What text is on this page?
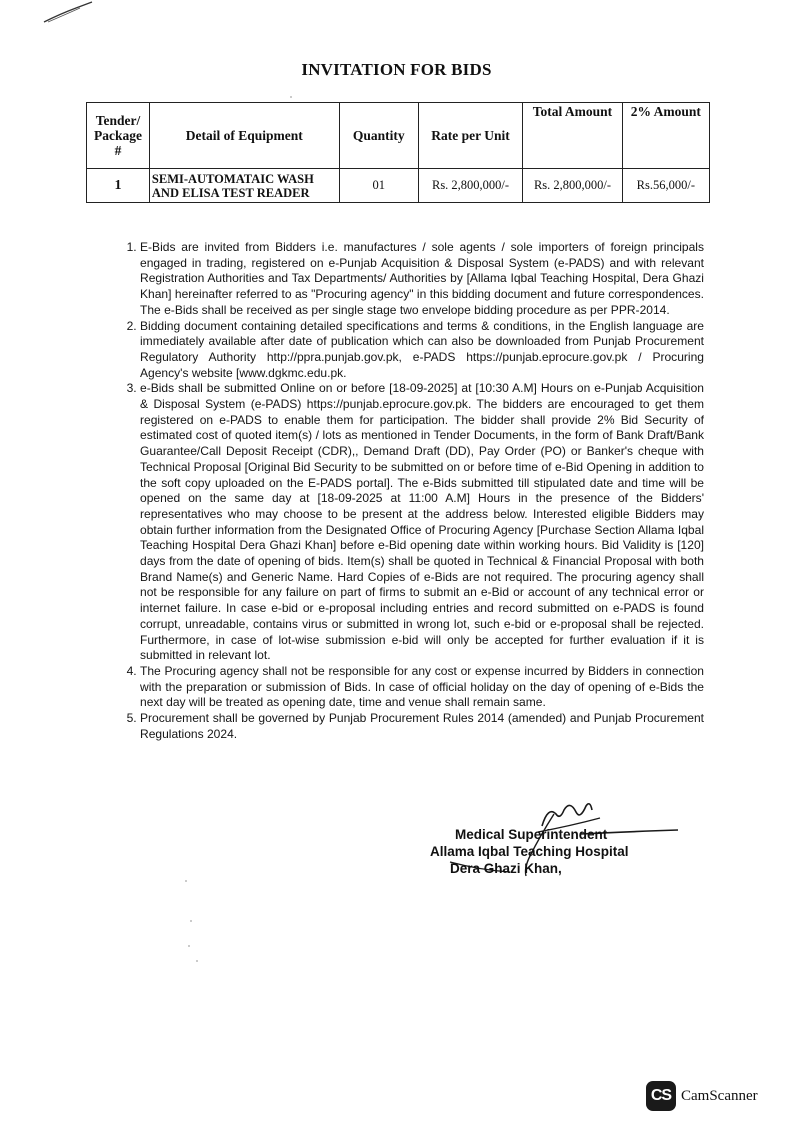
INVITATION FOR BIDS
Tender/ Package #	Detail of Equipment	Quantity	Rate per Unit	Total Amount	2% Amount
1	SEMI-AUTOMATAIC WASH AND ELISA TEST READER	01	Rs. 2,800,000/-	Rs. 2,800,000/-	Rs.56,000/-
1. E-Bids are invited from Bidders i.e. manufactures / sole agents / sole importers of foreign principals engaged in trading, registered on e-Punjab Acquisition & Disposal System (e-PADS) and with relevant Registration Authorities and Tax Departments/ Authorities by [Allama Iqbal Teaching Hospital, Dera Ghazi Khan] hereinafter referred to as "Procuring agency" in this bidding document and future correspondences. The e-Bids shall be received as per single stage two envelope bidding procedure as per PPR-2014.
2. Bidding document containing detailed specifications and terms & conditions, in the English language are immediately available after date of publication which can also be downloaded from Punjab Procurement Regulatory Authority http://ppra.punjab.gov.pk, e-PADS https://punjab.eprocure.gov.pk / Procuring Agency's website [www.dgkmc.edu.pk.
3. e-Bids shall be submitted Online on or before [18-09-2025] at [10:30 A.M] Hours on e-Punjab Acquisition & Disposal System (e-PADS) https://punjab.eprocure.gov.pk. The bidders are encouraged to get them registered on e-PADS to enable them for participation. The bidder shall provide 2% Bid Security of estimated cost of quoted item(s) / lots as mentioned in Tender Documents, in the form of Bank Draft/Bank Guarantee/Call Deposit Receipt (CDR),, Demand Draft (DD), Pay Order (PO) or Banker's cheque with Technical Proposal [Original Bid Security to be submitted on or before time of e-Bid Opening in addition to the soft copy uploaded on the E-PADS portal]. The e-Bids submitted till stipulated date and time will be opened on the same day at [18-09-2025 at 11:00 A.M] Hours in the presence of the Bidders' representatives who may choose to be present at the address below. Interested eligible Bidders may obtain further information from the Designated Office of Procuring Agency [Purchase Section Allama Iqbal Teaching Hospital Dera Ghazi Khan] before e-Bid opening date within working hours. Bid Validity is [120] days from the date of opening of bids. Item(s) shall be quoted in Technical & Financial Proposal with both Brand Name(s) and Generic Name. Hard Copies of e-Bids are not required. The procuring agency shall not be responsible for any failure on part of firms to submit an e-Bid or account of any technical error or internet failure. In case e-bid or e-proposal including entries and record submitted on e-PADS is found corrupt, unreadable, contains virus or submitted in wrong lot, such e-bid or e-proposal shall be rejected. Furthermore, in case of lot-wise submission e-bid will only be accepted for further evaluation if it is submitted in relevant lot.
4. The Procuring agency shall not be responsible for any cost or expense incurred by Bidders in connection with the preparation or submission of Bids. In case of official holiday on the day of opening of e-Bids the next day will be treated as opening date, time and venue shall remain same.
5. Procurement shall be governed by Punjab Procurement Rules 2014 (amended) and Punjab Procurement Regulations 2024.
Medical Superintendent
Allama Iqbal Teaching Hospital
Dera Ghazi Khan,
CS CamScanner
